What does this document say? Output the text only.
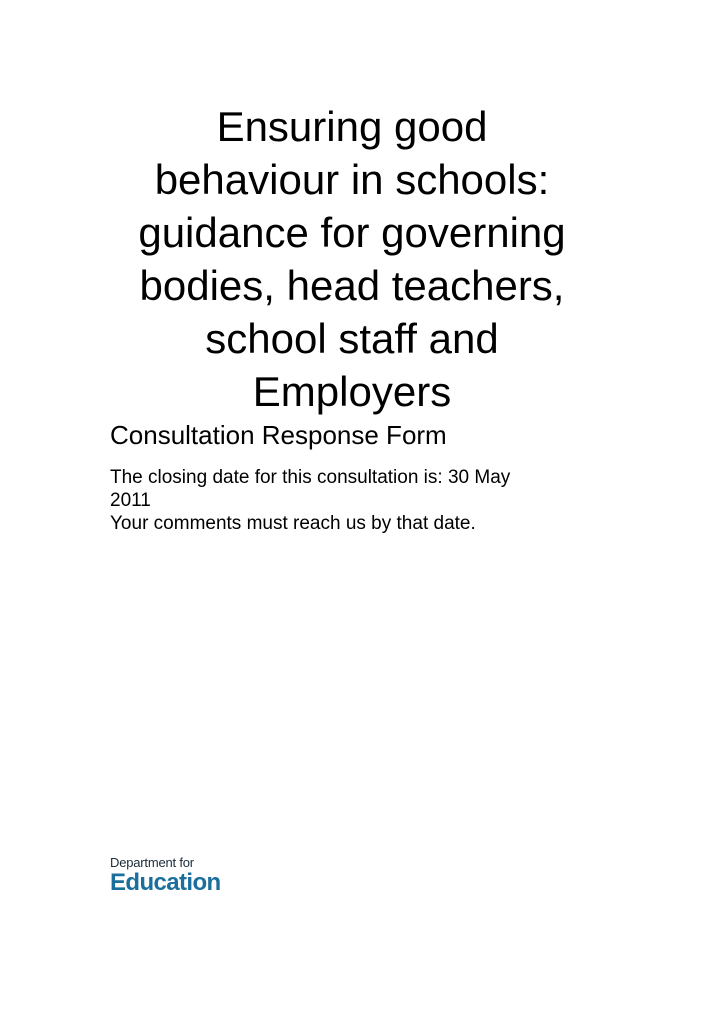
Ensuring good
behaviour in schools:
guidance for governing
bodies, head teachers,
school staff and
Employers
Consultation Response Form

The closing date for this consultation is: 30 May
2011
Your comments must reach us by that date.

Department for
Education
